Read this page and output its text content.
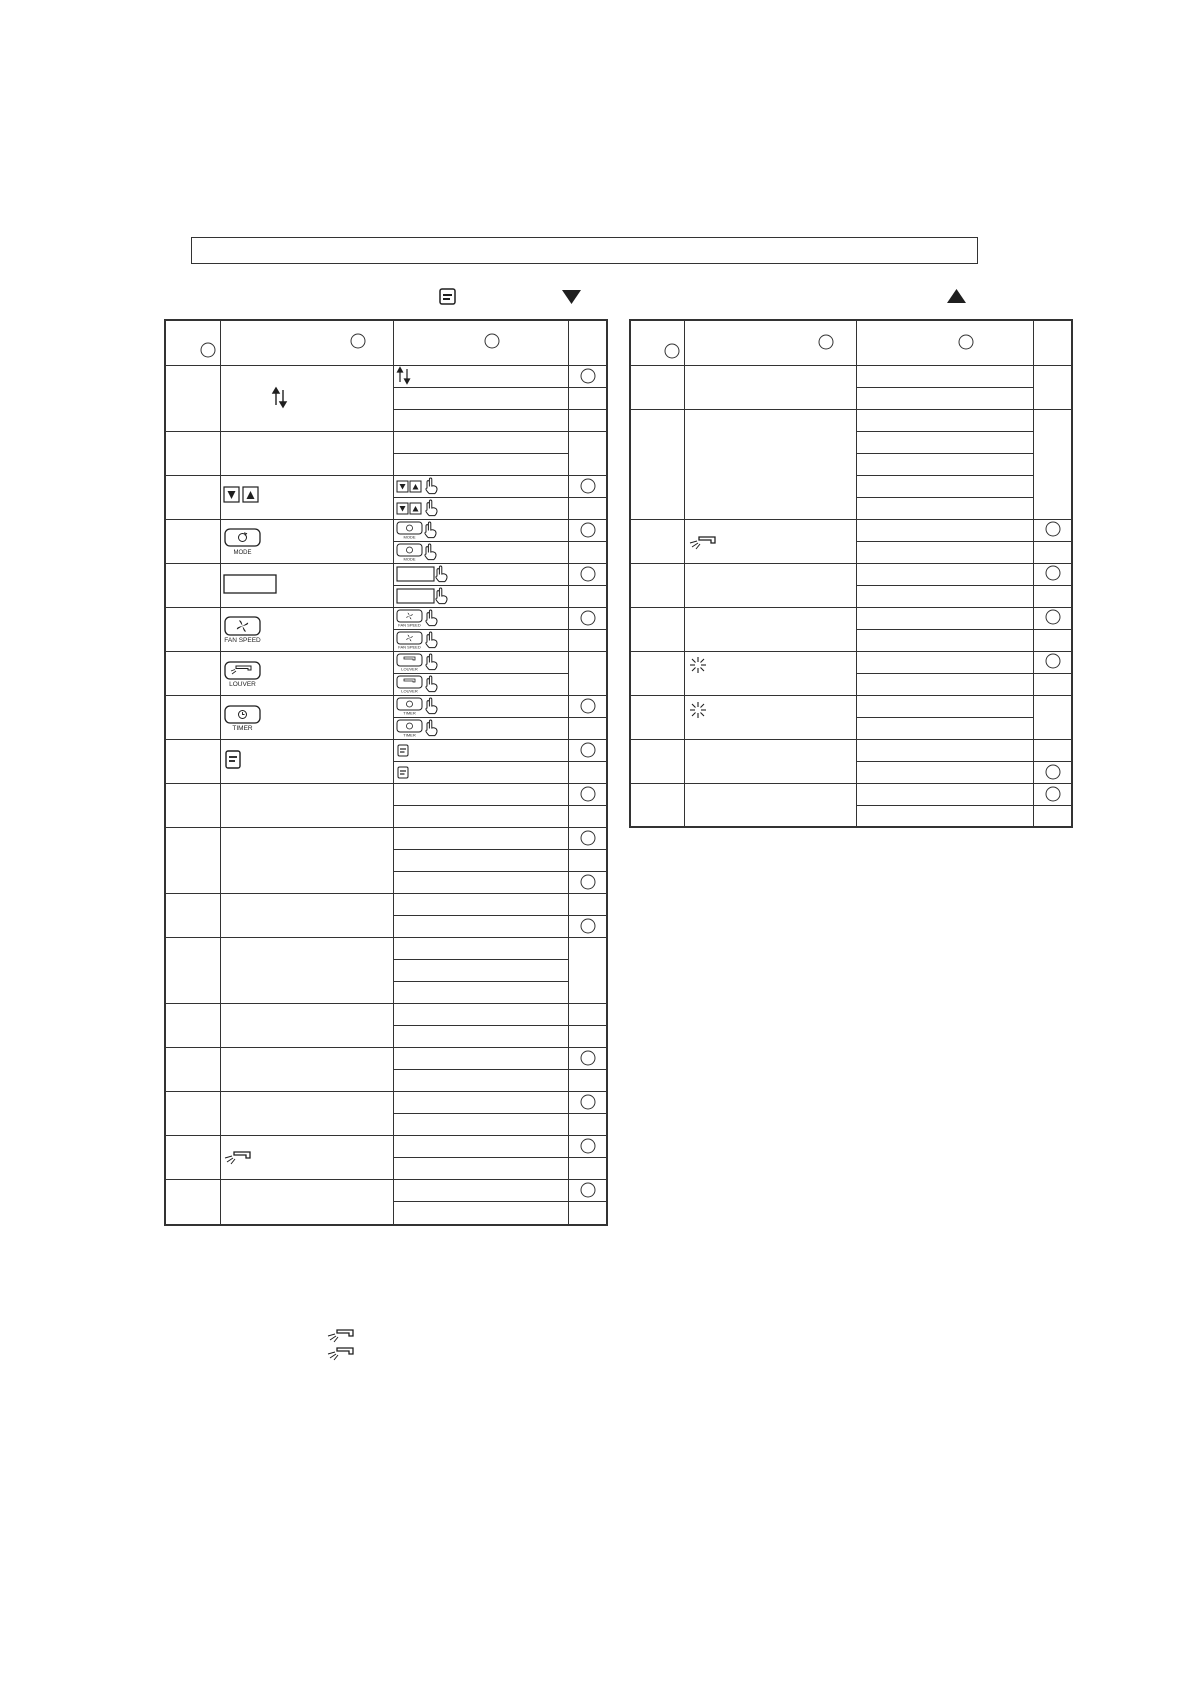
MODE
FAN SPEED
LOUVER
TIMER
MODE
MODE
FAN SPEED
FAN SPEED
LOUVER
LOUVER
TIMER
TIMER
